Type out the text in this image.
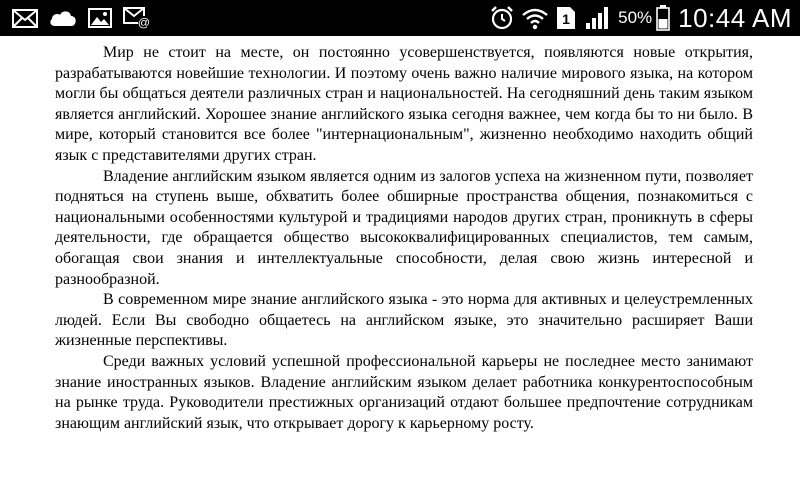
@	1	50% 10:44 AM

Мир не стоит на месте, он постоянно усовершенствуется, появляются новые открытия, разрабатываются новейшие технологии. И поэтому очень важно наличие мирового языка, на котором могли бы общаться деятели различных стран и национальностей. На сегодняшний день таким языком является английский. Хорошее знание английского языка сегодня важнее, чем когда бы то ни было. В мире, который становится все более "интернациональным", жизненно необходимо находить общий язык с представителями других стран.

Владение английским языком является одним из залогов успеха на жизненном пути, позволяет подняться на ступень выше, обхватить более обширные пространства общения, познакомиться с национальными особенностями культурой и традициями народов других стран, проникнуть в сферы деятельности, где обращается общество высококвалифицированных специалистов, тем самым, обогащая свои знания и интеллектуальные способности, делая свою жизнь интересной и разнообразной.

В современном мире знание английского языка - это норма для активных и целеустремленных людей. Если Вы свободно общаетесь на английском языке, это значительно расширяет Ваши жизненные перспективы.

Среди важных условий успешной профессиональной карьеры не последнее место занимают знание иностранных языков. Владение английским языком делает работника конкурентоспособным на рынке труда. Руководители престижных организаций отдают большее предпочтение сотрудникам знающим английский язык, что открывает дорогу к карьерному росту.
